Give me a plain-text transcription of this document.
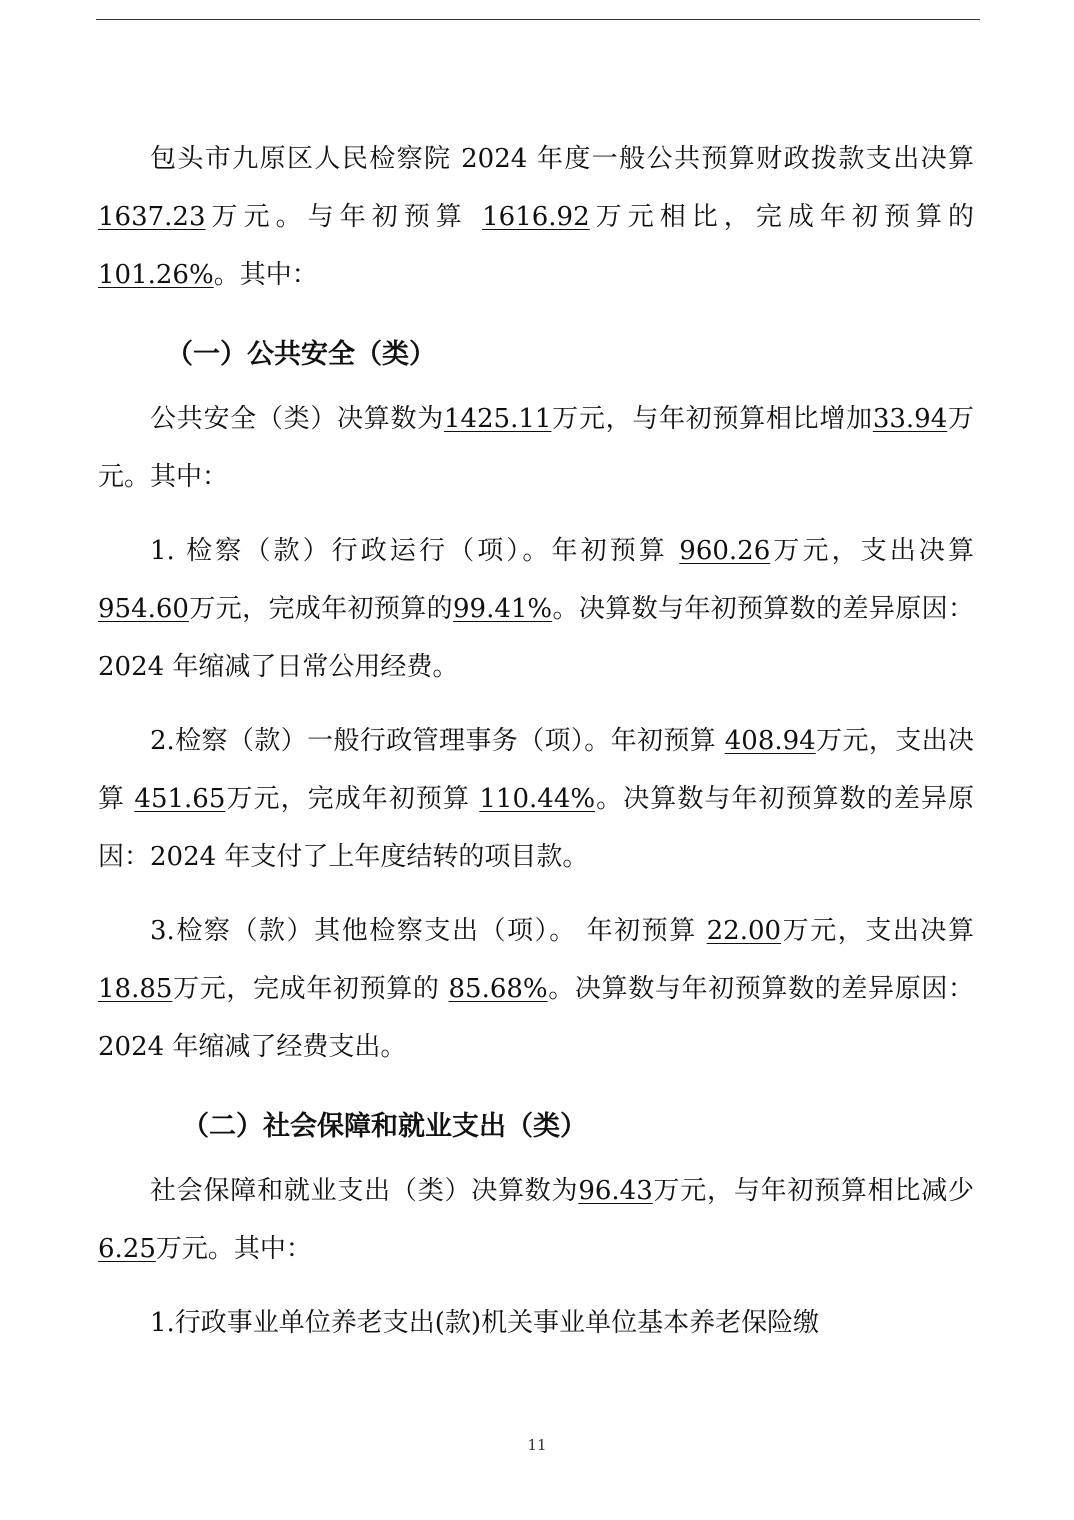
包头市九原区人民检察院 2024 年度一般公共预算财政拨款支出决算 1637.23万元。与年初预算 1616.92万元相比，完成年初预算的101.26%。其中：

（一）公共安全（类）

公共安全（类）决算数为1425.11万元，与年初预算相比增加33.94万元。其中：

1. 检察（款）行政运行（项）。年初预算 960.26万元，支出决算954.60万元，完成年初预算的99.41%。决算数与年初预算数的差异原因：2024 年缩减了日常公用经费。

2.检察（款）一般行政管理事务（项）。年初预算 408.94万元，支出决算 451.65万元，完成年初预算 110.44%。决算数与年初预算数的差异原因：2024 年支付了上年度结转的项目款。

3.检察（款）其他检察支出（项）。 年初预算 22.00万元，支出决算 18.85万元，完成年初预算的 85.68%。决算数与年初预算数的差异原因：2024 年缩减了经费支出。

（二）社会保障和就业支出（类）

社会保障和就业支出（类）决算数为96.43万元，与年初预算相比减少6.25万元。其中：

1.行政事业单位养老支出(款)机关事业单位基本养老保险缴

11
